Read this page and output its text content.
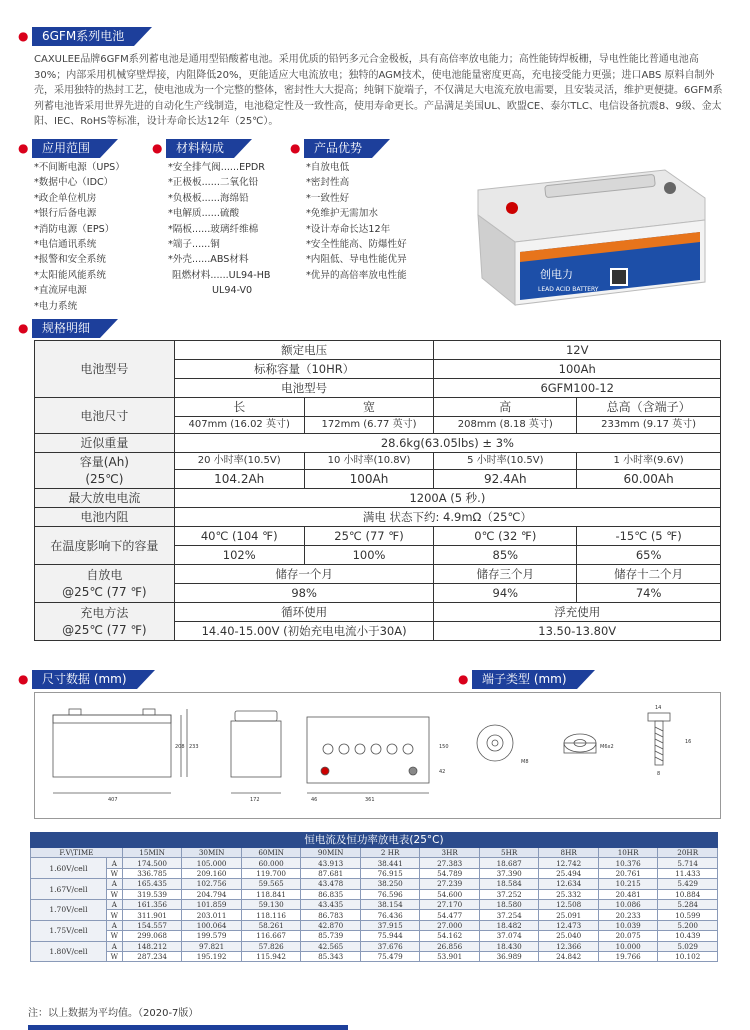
●	6GFM系列电池
CAXULEE品牌6GFM系列蓄电池是通用型铅酸蓄电池。采用优质的铅钙多元合金极板，具有高倍率放电能力；高性能铸焊板栅，导电性能比普通电池高30%；内部采用机械穿壁焊接，内阻降低20%，更能适应大电流放电；独特的AGM技术，使电池能量密度更高，充电接受能力更强；进口ABS 原料自制外壳，采用独特的热封工艺，使电池成为一个完整的整体，密封性大大提高；纯铜下旋端子，不仅满足大电流充放电需要，且安装灵活，维护更便捷。6GFM系列蓄电池皆采用世界先进的自动化生产线制造，电池稳定性及一致性高，使用寿命更长。产品满足美国UL、欧盟CE、泰尔TLC、电信设备抗震8、9级、金太阳、IEC、RoHS等标准，设计寿命长达12年（25℃）。
●	应用范围	●	材料构成	●	产品优势
*不间断电源（UPS）
*数据中心（IDC）
*政企单位机房
*银行后备电源
*消防电源（EPS）
*电信通讯系统
*报警和安全系统
*太阳能风能系统
*直流屏电源
*电力系统
*安全排气阀......EPDR
*正极板......二氧化铅
*负极板......海绵铅
*电解质......硫酸
*隔板......玻璃纤维棉
*端子......铜
*外壳......ABS材料
阻燃材料......UL94-HB
UL94-V0
*自放电低
*密封性高
*一致性好
*免维护无需加水
*设计寿命长达12年
*安全性能高、防爆性好
*内阻低、导电性能优异
*优异的高倍率放电性能	创电力
LEAD ACID BATTERY
●	规格明细
电池型号	额定电压		12V	
	标称容量（10HR）		100Ah	
	电池型号		6GFM100-12	
电池尺寸	长	宽	高	总高（含端子）
	407mm (16.02 英寸)	172mm (6.77 英寸)	208mm (8.18 英寸)	233mm (9.17 英寸)
近似重量	28.6kg(63.05lbs) ± 3%			
容量(Ah)
(25℃)	20 小时率(10.5V)	10 小时率(10.8V)	5 小时率(10.5V)	1 小时率(9.6V)
	104.2Ah	100Ah	92.4Ah	60.00Ah
最大放电电流	1200A (5 秒.)			
电池内阻	满电 状态下约: 4.9mΩ（25℃）			
在温度影响下的容量	40℃ (104 ℉)	25℃ (77 ℉)	0℃ (32 ℉)	-15℃ (5 ℉)
	102%	100%	85%	65%
自放电
@25℃ (77 ℉)	储存一个月		储存三个月	储存十二个月
	98%		94%	74%
充电方法
@25℃ (77 ℉)	循环使用		浮充使用	
	14.40-15.00V (初始充电电流小于30A)		13.50-13.80V	
●	尺寸数据 (mm)	●	端子类型 (mm)
407
208 233
172	361
46
150
42
M8
M6x2
14
16
8
恒电流及恒功率放电表(25°C)											
F.V\TIME		15MIN	30MIN	60MIN	90MIN	2 HR	3HR	5HR	8HR	10HR	20HR
1.60V/cell	A	174.500	105.000	60.000	43.913	38.441	27.383	18.687	12.742	10.376	5.714
	W	336.785	209.160	119.700	87.681	76.915	54.789	37.390	25.494	20.761	11.433
1.67V/cell	A	165.435	102.756	59.565	43.478	38.250	27.239	18.584	12.634	10.215	5.429
	W	319.539	204.794	118.841	86.835	76.596	54.600	37.252	25.332	20.481	10.884
1.70V/cell	A	161.356	101.859	59.130	43.435	38.154	27.170	18.580	12.508	10.086	5.284
	W	311.901	203.011	118.116	86.783	76.436	54.477	37.254	25.091	20.233	10.599
1.75V/cell	A	154.557	100.064	58.261	42.870	37.915	27.000	18.482	12.473	10.039	5.200
	W	299.068	199.579	116.667	85.739	75.944	54.162	37.074	25.040	20.075	10.439
1.80V/cell	A	148.212	97.821	57.826	42.565	37.676	26.856	18.430	12.366	10.000	5.029
	W	287.234	195.192	115.942	85.343	75.479	53.901	36.989	24.842	19.766	10.102
注：以上数据为平均值。（2020-7版）
